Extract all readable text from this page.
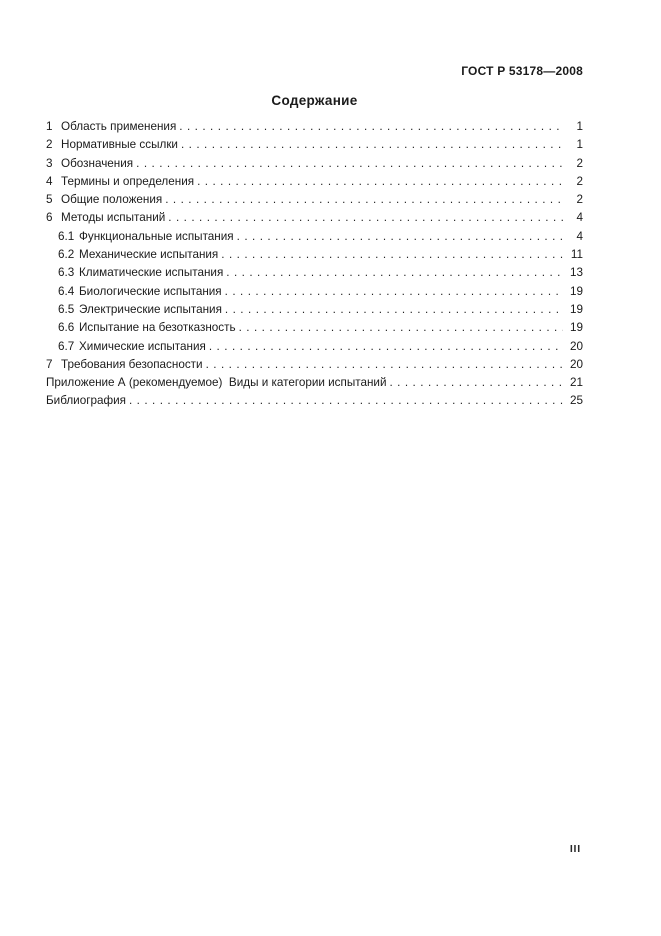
ГОСТ Р 53178—2008
Содержание
1 Область применения . . .	1
2 Нормативные ссылки . . .	1
3 Обозначения . . .	2
4 Термины и определения . . .	2
5 Общие положения . . .	2
6 Методы испытаний . . .	4
6.1 Функциональные испытания . . .	4
6.2 Механические испытания . . .	11
6.3 Климатические испытания . . .	13
6.4 Биологические испытания . . .	19
6.5 Электрические испытания . . .	19
6.6 Испытание на безотказность . . .	19
6.7 Химические испытания . . .	20
7 Требования безопасности . . .	20
Приложение А (рекомендуемое)  Виды и категории испытаний . . .	21
Библиография . . .	25
III
